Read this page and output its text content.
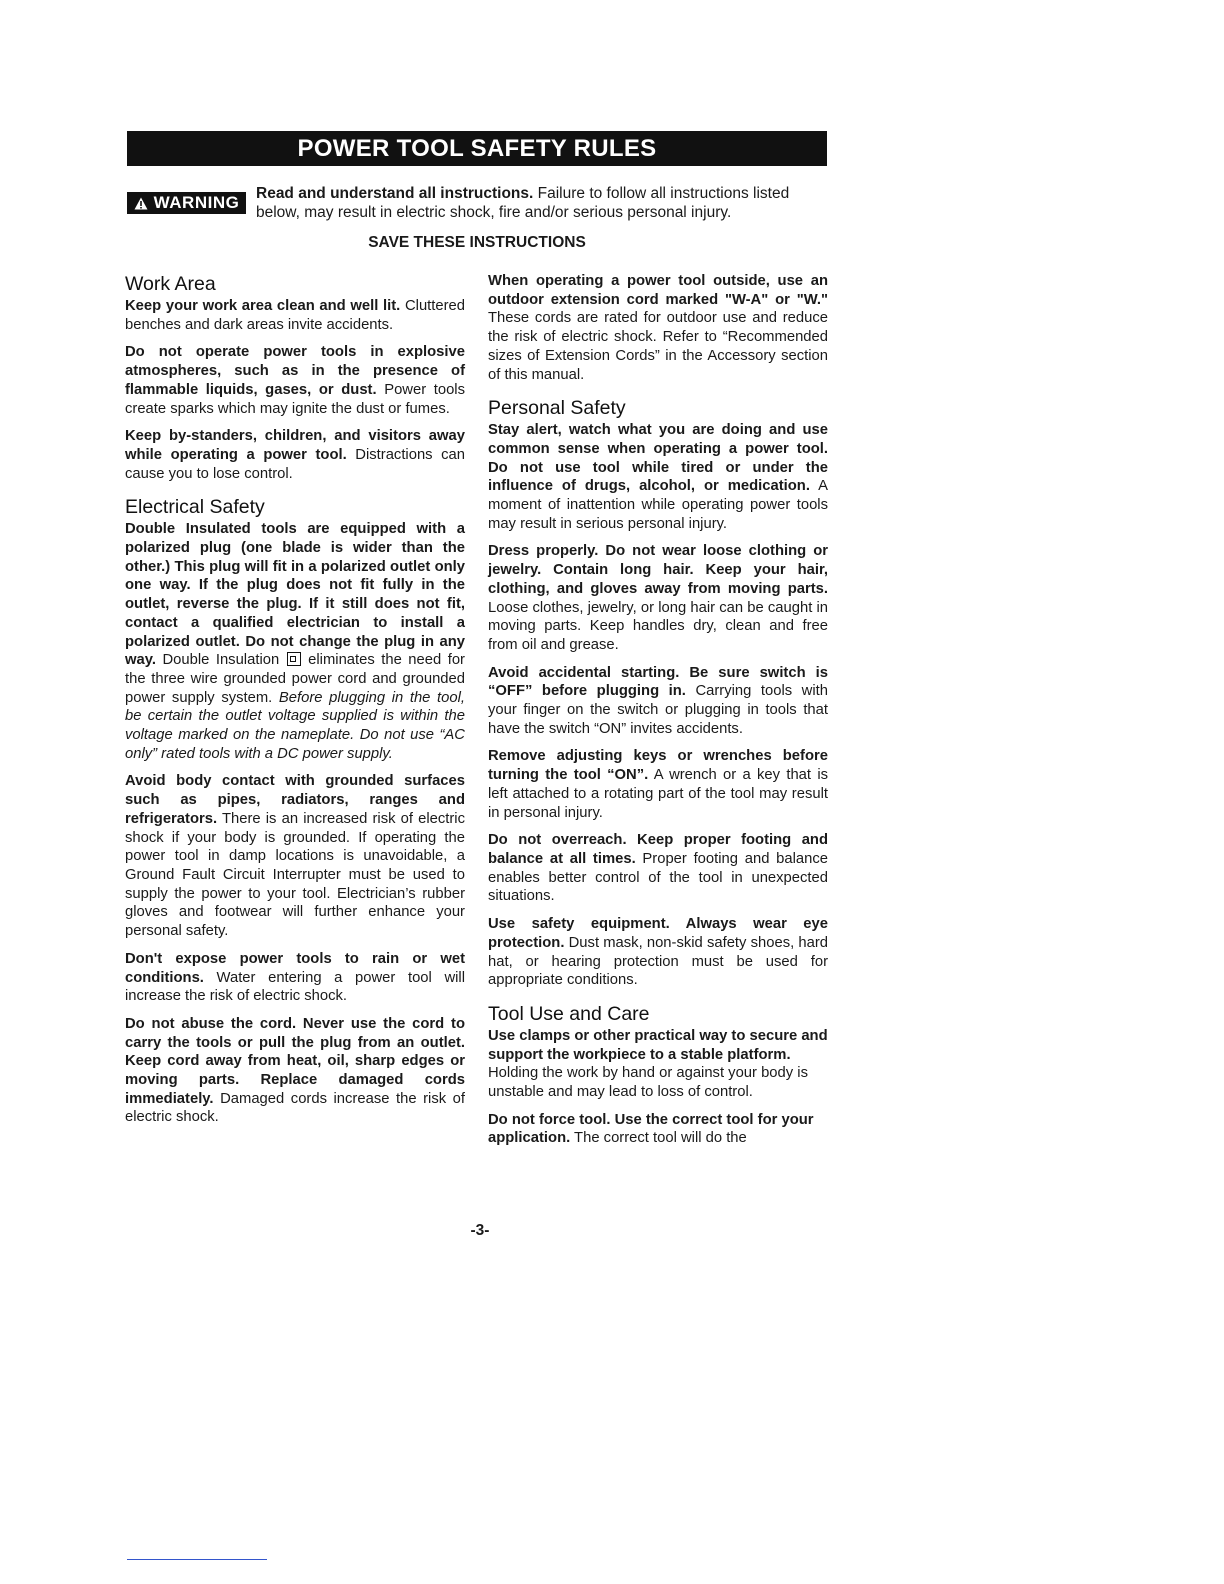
POWER TOOL SAFETY RULES
WARNING Read and understand all instructions. Failure to follow all instructions listed below, may result in electric shock, fire and/or serious personal injury.
SAVE THESE INSTRUCTIONS
Work Area

Keep your work area clean and well lit. Cluttered benches and dark areas invite accidents.

Do not operate power tools in explosive atmospheres, such as in the presence of flammable liquids, gases, or dust. Power tools create sparks which may ignite the dust or fumes.

Keep by-standers, children, and visitors away while operating a power tool. Distractions can cause you to lose control.

Electrical Safety

Double Insulated tools are equipped with a polarized plug (one blade is wider than the other.) This plug will fit in a polarized outlet only one way. If the plug does not fit fully in the outlet, reverse the plug. If it still does not fit, contact a qualified electrician to install a polarized outlet. Do not change the plug in any way. Double Insulation  eliminates the need for the three wire grounded power cord and grounded power supply system. Before plugging in the tool, be certain the outlet voltage supplied is within the voltage marked on the nameplate. Do not use “AC only” rated tools with a DC power supply.

Avoid body contact with grounded surfaces such as pipes, radiators, ranges and refrigerators. There is an increased risk of electric shock if your body is grounded. If operating the power tool in damp locations is unavoidable, a Ground Fault Circuit Interrupter must be used to supply the power to your tool. Electrician’s rubber gloves and footwear will further enhance your personal safety.

Don't expose power tools to rain or wet conditions. Water entering a power tool will increase the risk of electric shock.

Do not abuse the cord. Never use the cord to carry the tools or pull the plug from an outlet. Keep cord away from heat, oil, sharp edges or moving parts. Replace damaged cords immediately. Damaged cords increase the risk of electric shock.

When operating a power tool outside, use an outdoor extension cord marked "W-A" or "W." These cords are rated for outdoor use and reduce the risk of electric shock. Refer to “Recommended sizes of Extension Cords” in the Accessory section of this manual.

Personal Safety

Stay alert, watch what you are doing and use common sense when operating a power tool. Do not use tool while tired or under the influence of drugs, alcohol, or medication. A moment of inattention while operating power tools may result in serious personal injury.

Dress properly. Do not wear loose clothing or jewelry. Contain long hair. Keep your hair, clothing, and gloves away from moving parts. Loose clothes, jewelry, or long hair can be caught in moving parts. Keep handles dry, clean and free from oil and grease.

Avoid accidental starting. Be sure switch is “OFF” before plugging in. Carrying tools with your finger on the switch or plugging in tools that have the switch “ON” invites accidents.

Remove adjusting keys or wrenches before turning the tool “ON”. A wrench or a key that is left attached to a rotating part of the tool may result in personal injury.

Do not overreach. Keep proper footing and balance at all times. Proper footing and balance enables better control of the tool in unexpected situations.

Use safety equipment. Always wear eye protection. Dust mask, non-skid safety shoes, hard hat, or hearing protection must be used for appropriate conditions.

Tool Use and Care

Use clamps or other practical way to secure and support the workpiece to a stable platform. Holding the work by hand or against your body is unstable and may lead to loss of control.

Do not force tool. Use the correct tool for your application. The correct tool will do the

-3-
